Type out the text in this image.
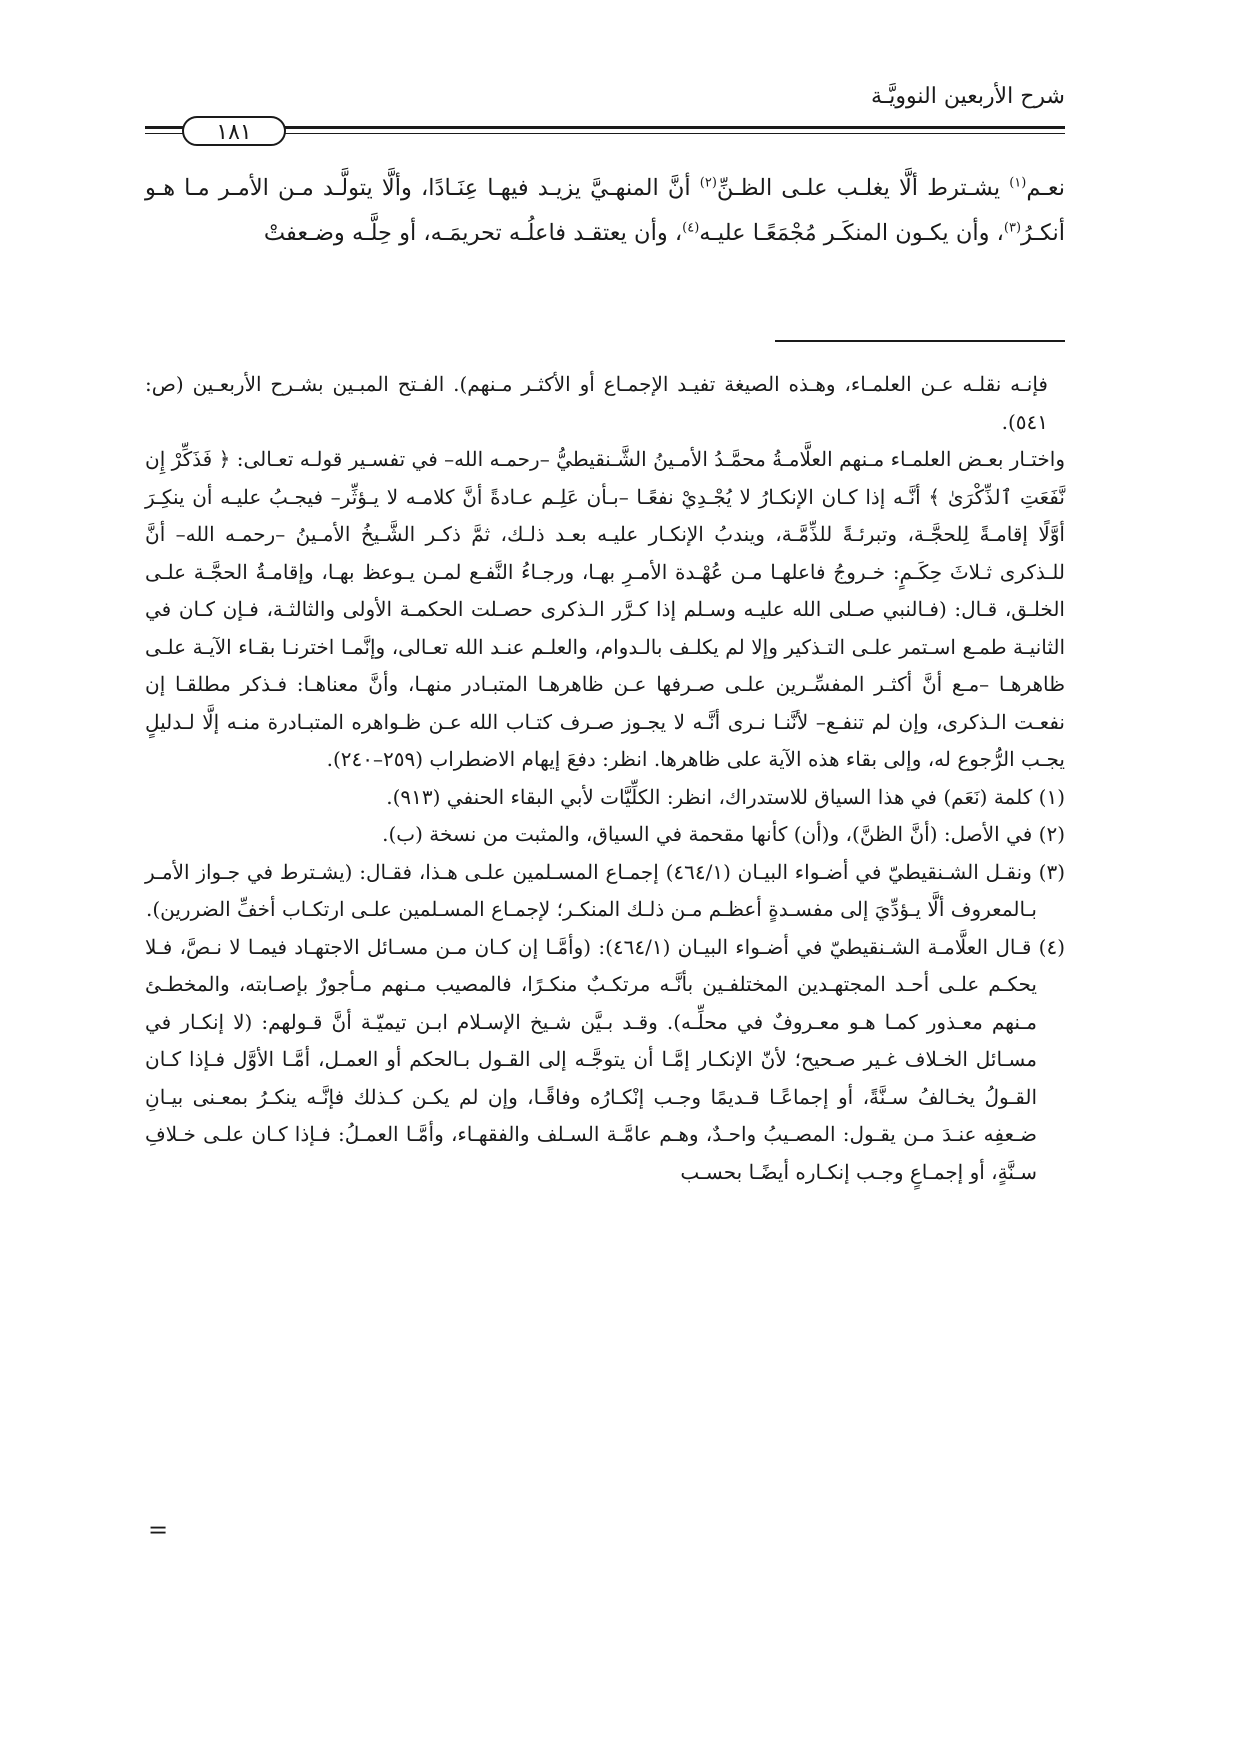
شرح الأربعين النوويَّـة
١٨١

نعـم$^{(١)}$ يشـترط ألَّا يغلـب علـى الظـنِّ$^{(٢)}$ أنَّ المنهـيَّ يزيـد فيهـا عِنَـادًا، وألَّا يتولَّـد مـن الأمـر مـا هـو أنكـرُ$^{(٣)}$، وأن يكـون المنكَـر مُجْمَعًـا عليـه$^{(٤)}$، وأن يعتقـد فاعلُـه تحريمَـه، أو حِلَّـه وضـعفتْ

فإنـه نقلـه عـن العلمـاء، وهـذه الصيغة تفيـد الإجمـاع أو الأكثـر مـنهم). الفـتح المبـين بشـرح الأربعـين (ص: ٥٤١).

واختـار بعـض العلمـاء مـنهم العلَّامـةُ محمَّـدُ الأمـينُ الشَّـنقيطيُّ –رحمـه الله– في تفسـير قولـه تعـالى: ﴿ فَذَكِّرْ إِن نَّفَعَتِ ٱلذِّكْرَىٰ ﴾ أنَّـه إذا كـان الإنكـارُ لا يُجْـدِيْ نفعًـا –بـأن عَلِـم عـادةً أنَّ كلامـه لا يـؤثِّر– فيجـبُ عليـه أن ينكِـرَ أوَّلًا إقامـةً لِلحجَّـة، وتبرئـةً للذِّمَّـة، ويندبُ الإنكـار عليـه بعـد ذلـك، ثمَّ ذكـر الشَّـيخُ الأمـينُ –رحمـه الله– أنَّ للـذكرى ثـلاثَ حِكَـمٍ: خـروجُ فاعلهـا مـن عُهْـدة الأمـرِ بهـا، ورجـاءُ النَّفـع لمـن يـوعظ بهـا، وإقامـةُ الحجَّـة علـى الخلـق، قـال: (فـالنبي صـلى الله عليـه وسـلم إذا كـرَّر الـذكرى حصـلت الحكمـة الأولى والثالثـة، فـإن كـان في الثانيـة طمـع اسـتمر علـى التـذكير وإلا لم يكلـف بالـدوام، والعلـم عنـد الله تعـالى، وإنَّمـا اخترنـا بقـاء الآيـة علـى ظاهرهـا –مـع أنَّ أكثـر المفسِّـرين علـى صـرفها عـن ظاهرهـا المتبـادر منهـا، وأنَّ معناهـا: فـذكر مطلقـا إن نفعـت الـذكرى، وإن لم تنفـع– لأنَّنـا نـرى أنَّـه لا يجـوز صـرف كتـاب الله عـن ظـواهره المتبـادرة منـه إلَّا لـدليلٍ يجـب الرُّجوع له، وإلى بقاء هذه الآية على ظاهرها. انظر: دفعَ إيهام الاضطراب (٢٥٩–٢٤٠).

(١) كلمة (نَعَم) في هذا السياق للاستدراك، انظر: الكلِّيَّات لأبي البقاء الحنفي (٩١٣).

(٢) في الأصل: (أنَّ الظنَّ)، و(أن) كأنها مقحمة في السياق، والمثبت من نسخة (ب).

(٣) ونقـل الشـنقيطيّ في أضـواء البيـان (٤٦٤/١) إجمـاع المسـلمين علـى هـذا، فقـال: (يشـترط في جـواز الأمـر بـالمعروف ألَّا يـؤدِّيَ إلى مفسـدةٍ أعظـم مـن ذلـك المنكـر؛ لإجمـاع المسـلمين علـى ارتكـاب أخفِّ الضررين).

(٤) قـال العلَّامـة الشـنقيطيّ في أضـواء البيـان (٤٦٤/١): (وأمَّـا إن كـان مـن مسـائل الاجتهـاد فيمـا لا نـصَّ، فـلا يحكـم علـى أحـد المجتهـدين المختلفـين بأنَّـه مرتكـبٌ منكـرًا، فالمصيب مـنهم مـأجورٌ بإصـابته، والمخطـئ مـنهم معـذور كمـا هـو معـروفٌ في محلِّـه). وقـد بـيَّن شـيخ الإسـلام ابـن تيميّـة أنَّ قـولهم: (لا إنكـار في مسـائل الخـلاف غـير صـحيح؛ لأنّ الإنكـار إمَّـا أن يتوجَّـه إلى القـول بـالحكم أو العمـل، أمَّـا الأوَّل فـإذا كـان القـولُ يخـالفُ سـنَّةً، أو إجماعًـا قـديمًا وجـب إنْكـارُه وفاقًـا، وإن لم يكـن كـذلك فإنَّـه ينكـرُ بمعـنى بيـانِ ضـعفِه عنـدَ مـن يقـول: المصـيبُ واحـدٌ، وهـم عامَّـة السـلف والفقهـاء، وأمَّـا العمـلُ: فـإذا كـان علـى خـلافِ سـنَّةٍ، أو إجمـاعٍ وجـب إنكـاره أيضًـا بحسـب

=
